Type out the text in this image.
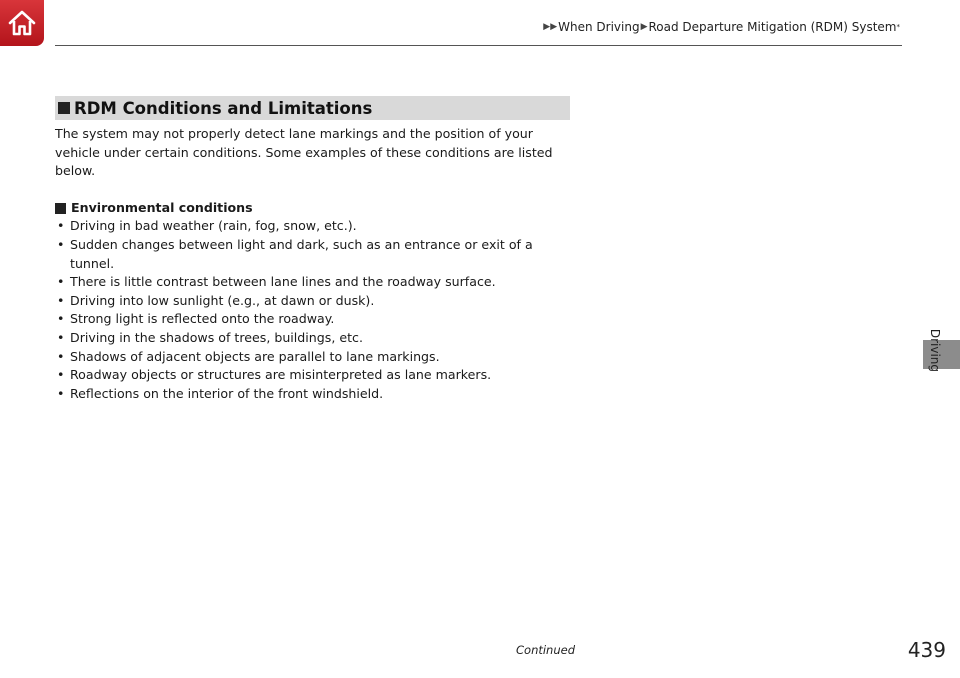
▶▶ When Driving ▶ Road Departure Mitigation (RDM) System *
RDM Conditions and Limitations

The system may not properly detect lane markings and the position of your vehicle under certain conditions. Some examples of these conditions are listed below.

Environmental conditions
• Driving in bad weather (rain, fog, snow, etc.).
• Sudden changes between light and dark, such as an entrance or exit of a tunnel.
• There is little contrast between lane lines and the roadway surface.
• Driving into low sunlight (e.g., at dawn or dusk).
• Strong light is reflected onto the roadway.
• Driving in the shadows of trees, buildings, etc.
• Shadows of adjacent objects are parallel to lane markings.
• Roadway objects or structures are misinterpreted as lane markers.
• Reflections on the interior of the front windshield.
Driving
Continued	439
